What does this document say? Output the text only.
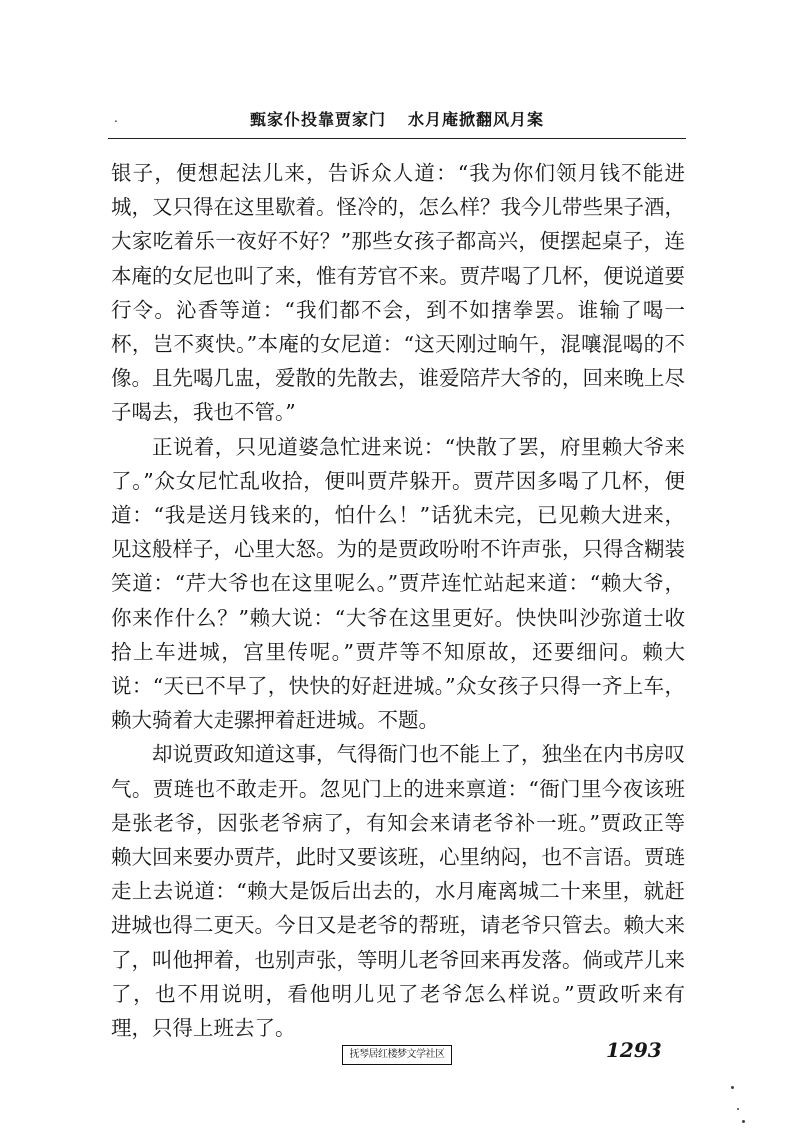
.	甄家仆投靠贾家门 水月庵掀翻风月案

银子，便想起法儿来，告诉众人道：“我为你们领月钱不能进城，又只得在这里歇着。怪冷的，怎么样？我今儿带些果子酒，大家吃着乐一夜好不好？”那些女孩子都高兴，便摆起桌子，连本庵的女尼也叫了来，惟有芳官不来。贾芹喝了几杯，便说道要行令。沁香等道：“我们都不会，到不如搳拳罢。谁输了喝一杯，岂不爽快。”本庵的女尼道：“这天刚过晌午，混嚷混喝的不像。且先喝几盅，爱散的先散去，谁爱陪芹大爷的，回来晚上尽子喝去，我也不管。”

正说着，只见道婆急忙进来说：“快散了罢，府里赖大爷来了。”众女尼忙乱收拾，便叫贾芹躲开。贾芹因多喝了几杯，便道：“我是送月钱来的，怕什么！”话犹未完，已见赖大进来，见这般样子，心里大怒。为的是贾政吩咐不许声张，只得含糊装笑道：“芹大爷也在这里呢么。”贾芹连忙站起来道：“赖大爷，你来作什么？”赖大说：“大爷在这里更好。快快叫沙弥道士收拾上车进城，宫里传呢。”贾芹等不知原故，还要细问。赖大说：“天已不早了，快快的好赶进城。”众女孩子只得一齐上车，赖大骑着大走骡押着赶进城。不题。

却说贾政知道这事，气得衙门也不能上了，独坐在内书房叹气。贾琏也不敢走开。忽见门上的进来禀道：“衙门里今夜该班是张老爷，因张老爷病了，有知会来请老爷补一班。”贾政正等赖大回来要办贾芹，此时又要该班，心里纳闷，也不言语。贾琏走上去说道：“赖大是饭后出去的，水月庵离城二十来里，就赶进城也得二更天。今日又是老爷的帮班，请老爷只管去。赖大来了，叫他押着，也别声张，等明儿老爷回来再发落。倘或芹儿来了，也不用说明，看他明儿见了老爷怎么样说。”贾政听来有理，只得上班去了。

抚琴居红楼梦文学社区	1293
